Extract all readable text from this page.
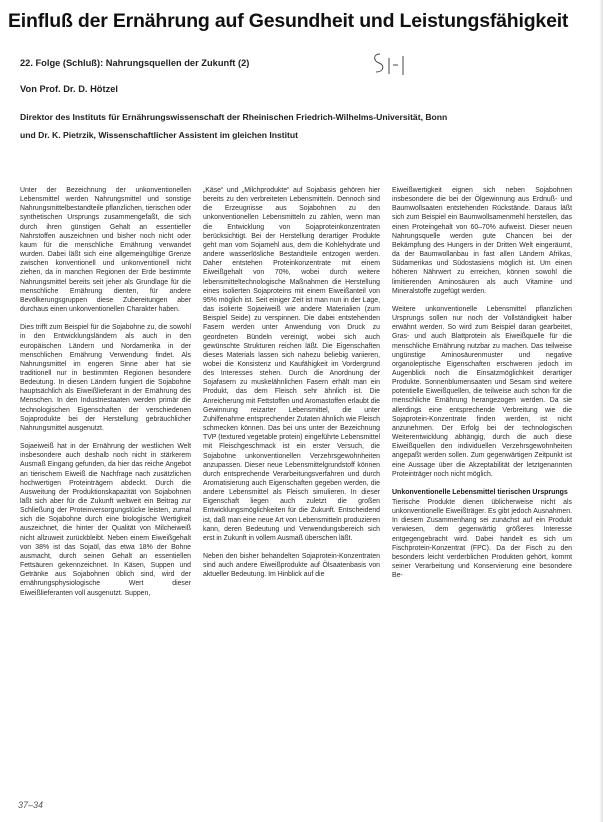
Einfluß der Ernährung auf Gesundheit und Leistungsfähigkeit

22. Folge (Schluß): Nahrungsquellen der Zukunft (2)

Von Prof. Dr. D. Hötzel

Direktor des Instituts für Ernährungswissenschaft der Rheinischen Friedrich-Wilhelms-Universität, Bonn
und Dr. K. Pietrzik, Wissenschaftlicher Assistent im gleichen Institut

Unter der Bezeichnung der unkonventionellen Lebensmittel werden Nahrungsmittel und sonstige Nahrungsmittelbestandteile pflanzlichen, tierischen oder synthetischen Ursprungs zusammengefaßt, die sich durch ihren günstigen Gehalt an essentieller Nahrstoffen auszeichnen und bisher noch nicht oder kaum für die menschliche Ernährung verwandet wurden. Dabei läßt sich eine allgemeingültige Grenze zwischen konventionell und unkonventionell nicht ziehen, da in manchen Regionen der Erde bestimmte Nahrungsmittel bereits seit jeher als Grundlage für die menschliche Ernährung dienten, für andere Bevölkerungsgruppen diese Zubereitungen aber durchaus einen unkonventionellen Charakter haben.

Dies trifft zum Beispiel für die Sojabohne zu, die sowohl in den Entwicklungsländern als auch in den europäischen Ländern und Nordamerika in der menschlichen Ernährung Verwendung findet. Als Nahrungsmittel im engeren Sinne aber hat sie traditionell nur in bestimmten Regionen besondere Bedeutung. In diesen Ländern fungiert die Sojabohne hauptsächlich als Eiweißlieferant in der Ernährung des Menschen. In den Industriestaaten werden primär die technologischen Eigenschaften der verschiedenen Sojaprodukte bei der Herstellung gebräuchlicher Nahrungsmittel ausgenutzt.

Sojaeiweiß hat in der Ernährung der westlichen Welt insbesondere auch deshalb noch nicht in stärkerem Ausmaß Eingang gefunden, da hier das reiche Angebot an tierischem Eiweiß die Nachfrage nach zusätzlichen hochwertigen Proteinträgern abdeckt. Durch die Ausweitung der Produktionskapazität von Sojabohnen läßt sich aber für die Zukunft weltweit ein Beitrag zur Schließung der Proteinversorgungslücke leisten, zumal sich die Sojabohne durch eine biologische Wertigkeit auszeichnet, die hinter der Qualität von Milcheiweiß nicht allzuweit zurückbleibt. Neben einem Eiweißgehalt von 38% ist das Sojaöl, das etwa 18% der Bohne ausmacht, durch seinen Gehalt an essentiellen Fettsäuren gekennzeichnet. In Käsen, Suppen und Getränke aus Sojabohnen üblich sind, wird der ernährungsphysiologische Wert dieser Eiweißlieferanten voll ausgenutzt. Suppen,

„Käse“ und „Milchprodukte“ auf Sojabasis gehören hier bereits zu den verbreiteten Lebensmitteln. Dennoch sind die Erzeugnisse aus Sojabohnen zu den unkonventionellen Lebensmitteln zu zählen, wenn man die Entwicklung von Sojaproteinkonzentraten berücksichtigt. Bei der Herstellung derartiger Produkte geht man vom Sojamehl aus, dem die Kohlehydrate und andere wasserlösliche Bestandteile entzogen werden. Daher entstehen Proteinkonzentrate mit einem Eiweißgehalt von 70%, wobei durch weitere lebensmitteltechnologische Maßnahmen die Herstellung eines isolierten Sojaproteins mit einem Eiweißanteil von 95% möglich ist. Seit einiger Zeit ist man nun in der Lage, das isolierte Sojaeiweiß wie andere Materialien (zum Beispiel Seide) zu verspinnen. Die dabei entstehenden Fasern werden unter Anwendung von Druck zu geordneten Bündeln vereinigt, wobei sich auch gewünschte Strukturen reichen läßt. Die Eigenschaften dieses Materials lassen sich nahezu beliebig variieren, wobei die Konsistenz und Kaufähigkeit im Vordergrund des Interesses stehen. Durch die Anordnung der Sojafasern zu muskelähnlichen Fasern erhält man ein Produkt, das dem Fleisch sehr ähnlich ist. Die Anreicherung mit Fettstoffen und Aromastoffen erlaubt die Gewinnung reizarter Lebensmittel, die unter Zuhilfenahme entsprechender Zutaten ähnlich wie Fleisch schmecken können. Das bei uns unter der Bezeichnung TVP (textured vegetable protein) eingeführte Lebensmittel mit Fleischgeschmack ist ein erster Versuch, die Sojabohne unkonventionellen Verzehrsgewohnheiten anzupassen. Dieser neue Lebensmittelgrundstoff können durch entsprechende Verarbeitungsverfahren und durch Aromatisierung auch Eigenschaften gegeben werden, die andere Lebensmittel als Fleisch simulieren. In dieser Eigenschaft liegen auch zuletzt die großen Entwicklungsmöglichkeiten für die Zukunft. Entscheidend ist, daß man eine neue Art von Lebensmitteln produzieren kann, deren Bedeutung und Verwendungsbereich sich erst in Zukunft in vollem Ausmaß überschen läßt.

Neben den bisher behandelten Sojaprotein-Konzentraten sind auch andere Eiweißprodukte auf Ölsaatenbasis von aktueller Bedeutung. Im Hinblick auf die

Eiweißwertigkeit eignen sich neben Sojabohnen insbesondere die bei der Ölgewinnung aus Erdnuß- und Baumwollsaaten entstehenden Rückstände. Daraus läßt sich zum Beispiel ein Baumwollsamenmehl herstellen, das einen Proteingehalt von 60–70% aufweist. Dieser neuen Nahrungsquelle werden gute Chancen bei der Bekämpfung des Hungers in der Dritten Welt eingeräumt, da der Baumwollanbau in fast allen Ländern Afrikas, Südamerikas und Südostasiens möglich ist. Um einen höheren Nährwert zu erreichen, können sowohl die limitierenden Aminosäuren als auch Vitamine und Mineralstoffe zugefügt werden.

Weitere unkonventionelle Lebensmittel pflanzlichen Ursprungs sollen nur noch der Vollständigkeit halber erwähnt werden. So wird zum Beispiel daran gearbeitet, Gras- und auch Blattprotein als Eiweißquelle für die menschliche Ernährung nutzbar zu machen. Das teilweise ungünstige Aminosäurenmuster und negative organoleptische Eigenschaften erschweren jedoch im Augenblick noch die Einsatzmöglichkeit derartiger Produkte. Sonnenblumensaaten und Sesam sind weitere potentielle Eiweißquellen, die teilweise auch schon für die menschliche Ernährung herangezogen werden. Da sie allerdings eine entsprechende Verbreitung wie die Sojaprotein-Konzentrate finden werden, ist nicht anzunehmen. Der Erfolg bei der technologischen Weiterentwicklung abhängig, durch die auch diese Eiweißquellen den individuellen Verzehrsgewohnheiten angepaßt werden sollen. Zum gegenwärtigen Zeitpunkt ist eine Aussage über die Akzeptabilität der letztgenannten Proteinträger noch nicht möglich.

Unkonventionelle Lebensmittel tierischen Ursprungs

Tierische Produkte dienen üblicherweise nicht als unkonventionelle Eiweißträger. Es gibt jedoch Ausnahmen. In diesem Zusammenhang sei zunächst auf ein Produkt verwiesen, dem gegenwärtig größeres Interesse entgegengebracht wird. Dabei handelt es sich um Fischprotein-Konzentrat (FPC). Da der Fisch zu den besonders leicht verderblichen Produkten gehört, kommt seiner Verarbeitung und Konservierung eine besondere Be-

37–34
